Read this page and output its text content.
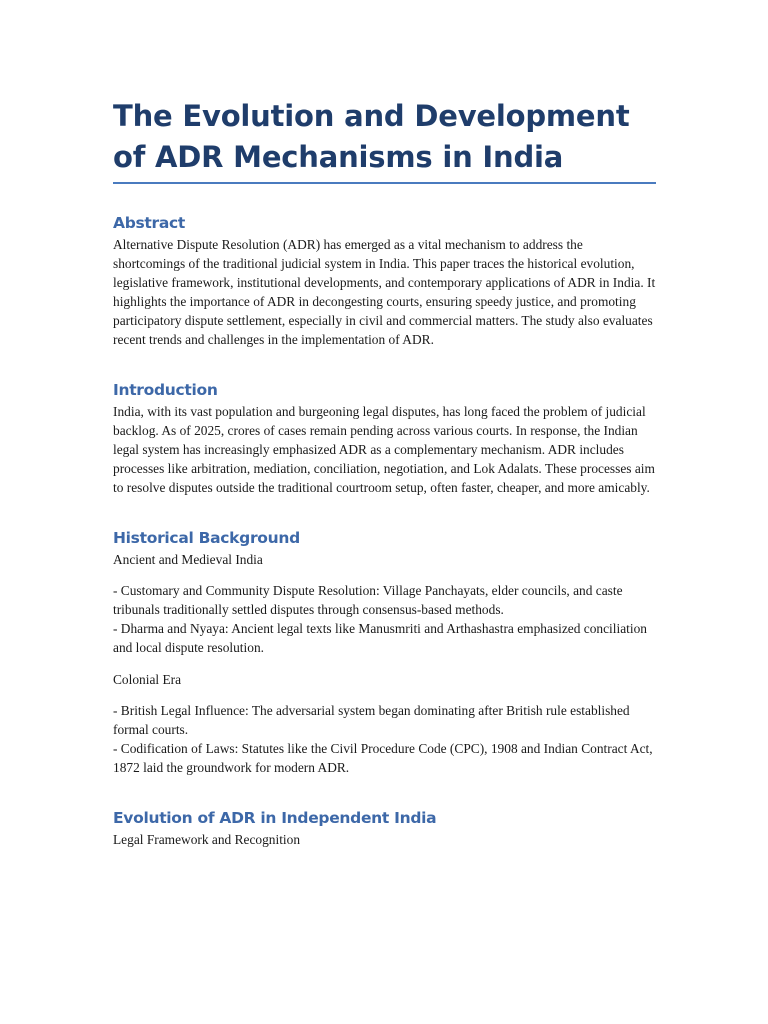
The Evolution and Development of ADR Mechanisms in India
Abstract

Alternative Dispute Resolution (ADR) has emerged as a vital mechanism to address the shortcomings of the traditional judicial system in India. This paper traces the historical evolution, legislative framework, institutional developments, and contemporary applications of ADR in India. It highlights the importance of ADR in decongesting courts, ensuring speedy justice, and promoting participatory dispute settlement, especially in civil and commercial matters. The study also evaluates recent trends and challenges in the implementation of ADR.

Introduction

India, with its vast population and burgeoning legal disputes, has long faced the problem of judicial backlog. As of 2025, crores of cases remain pending across various courts. In response, the Indian legal system has increasingly emphasized ADR as a complementary mechanism. ADR includes processes like arbitration, mediation, conciliation, negotiation, and Lok Adalats. These processes aim to resolve disputes outside the traditional courtroom setup, often faster, cheaper, and more amicably.

Historical Background

Ancient and Medieval India

- Customary and Community Dispute Resolution: Village Panchayats, elder councils, and caste tribunals traditionally settled disputes through consensus-based methods.

- Dharma and Nyaya: Ancient legal texts like Manusmriti and Arthashastra emphasized conciliation and local dispute resolution.

Colonial Era

- British Legal Influence: The adversarial system began dominating after British rule established formal courts.

- Codification of Laws: Statutes like the Civil Procedure Code (CPC), 1908 and Indian Contract Act, 1872 laid the groundwork for modern ADR.

Evolution of ADR in Independent India

Legal Framework and Recognition
